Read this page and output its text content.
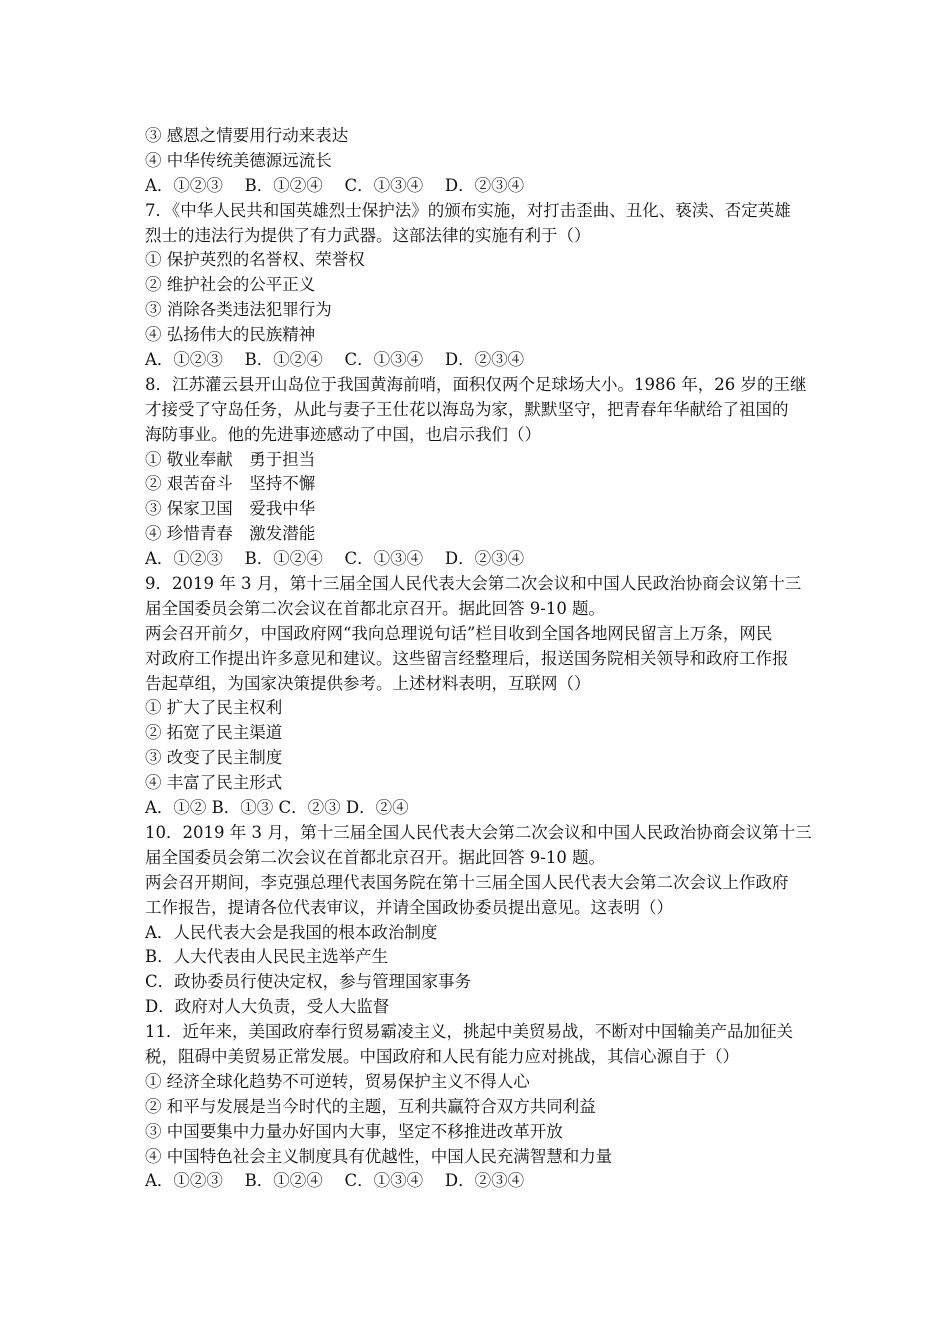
③ 感恩之情要用行动来表达
④ 中华传统美德源远流长
A．①②③　 B．①②④　 C．①③④　 D．②③④
7．《中华人民共和国英雄烈士保护法》的颁布实施，对打击歪曲、丑化、亵渎、否定英雄
烈士的违法行为提供了有力武器。这部法律的实施有利于（）
① 保护英烈的名誉权、荣誉权
② 维护社会的公平正义
③ 消除各类违法犯罪行为
④ 弘扬伟大的民族精神
A．①②③　 B．①②④　 C．①③④　 D．②③④
8．江苏灌云县开山岛位于我国黄海前哨，面积仅两个足球场大小。1986 年，26 岁的王继
才接受了守岛任务，从此与妻子王仕花以海岛为家，默默坚守，把青春年华献给了祖国的
海防事业。他的先进事迹感动了中国，也启示我们（）
① 敬业奉献　勇于担当
② 艰苦奋斗　坚持不懈
③ 保家卫国　爱我中华
④ 珍惜青春　激发潜能
A．①②③　 B．①②④　 C．①③④　 D．②③④
9．2019 年 3 月，第十三届全国人民代表大会第二次会议和中国人民政治协商会议第十三
届全国委员会第二次会议在首都北京召开。据此回答 9-10 题。
两会召开前夕，中国政府网“我向总理说句话”栏目收到全国各地网民留言上万条，网民
对政府工作提出许多意见和建议。这些留言经整理后，报送国务院相关领导和政府工作报
告起草组，为国家决策提供参考。上述材料表明，互联网（）
① 扩大了民主权利
② 拓宽了民主渠道
③ 改变了民主制度
④ 丰富了民主形式
A．①② B．①③ C．②③ D．②④
10．2019 年 3 月，第十三届全国人民代表大会第二次会议和中国人民政治协商会议第十三
届全国委员会第二次会议在首都北京召开。据此回答 9-10 题。
两会召开期间，李克强总理代表国务院在第十三届全国人民代表大会第二次会议上作政府
工作报告，提请各位代表审议，并请全国政协委员提出意见。这表明（）
A．人民代表大会是我国的根本政治制度
B．人大代表由人民民主选举产生
C．政协委员行使决定权，参与管理国家事务
D．政府对人大负责，受人大监督
11．近年来，美国政府奉行贸易霸凌主义，挑起中美贸易战，不断对中国输美产品加征关
税，阻碍中美贸易正常发展。中国政府和人民有能力应对挑战，其信心源自于（）
① 经济全球化趋势不可逆转，贸易保护主义不得人心
② 和平与发展是当今时代的主题，互利共赢符合双方共同利益
③ 中国要集中力量办好国内大事，坚定不移推进改革开放
④ 中国特色社会主义制度具有优越性，中国人民充满智慧和力量
A．①②③　 B．①②④　 C．①③④　 D．②③④
